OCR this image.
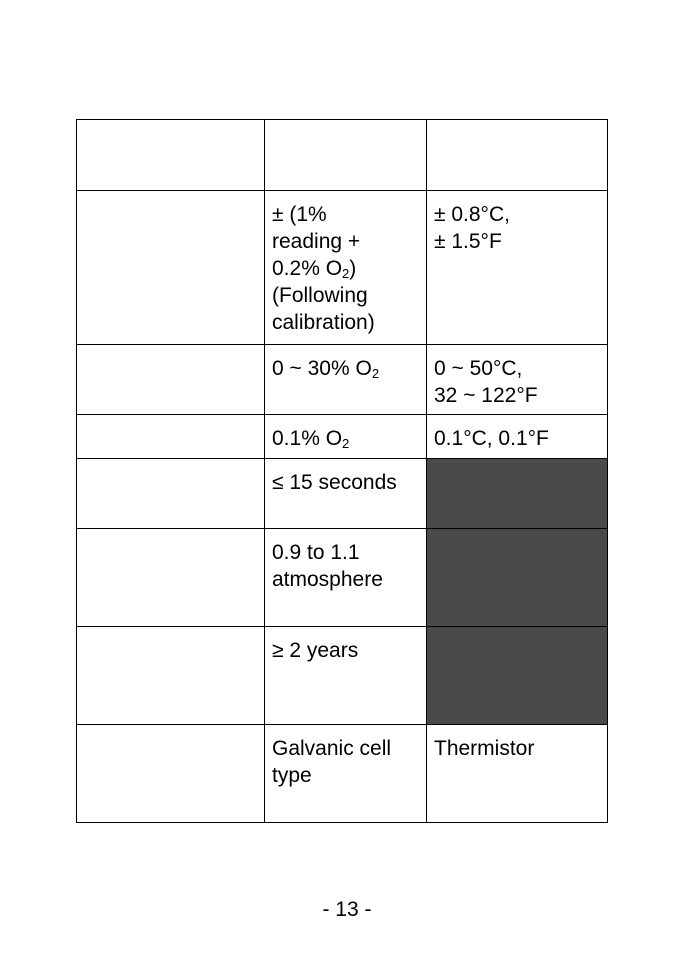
	± (1%
reading +
0.2% $O_2$)
(Following
calibration)	± 0.8°C,
± 1.5°F
	0 ~ 30% $O_2$	0 ~ 50°C,
32 ~ 122°F
	0.1% $O_2$	0.1°C, 0.1°F
	≤ 15 seconds	
	0.9 to 1.1
atmosphere	
	≥ 2 years	
	Galvanic cell
type	Thermistor
- 13 -
